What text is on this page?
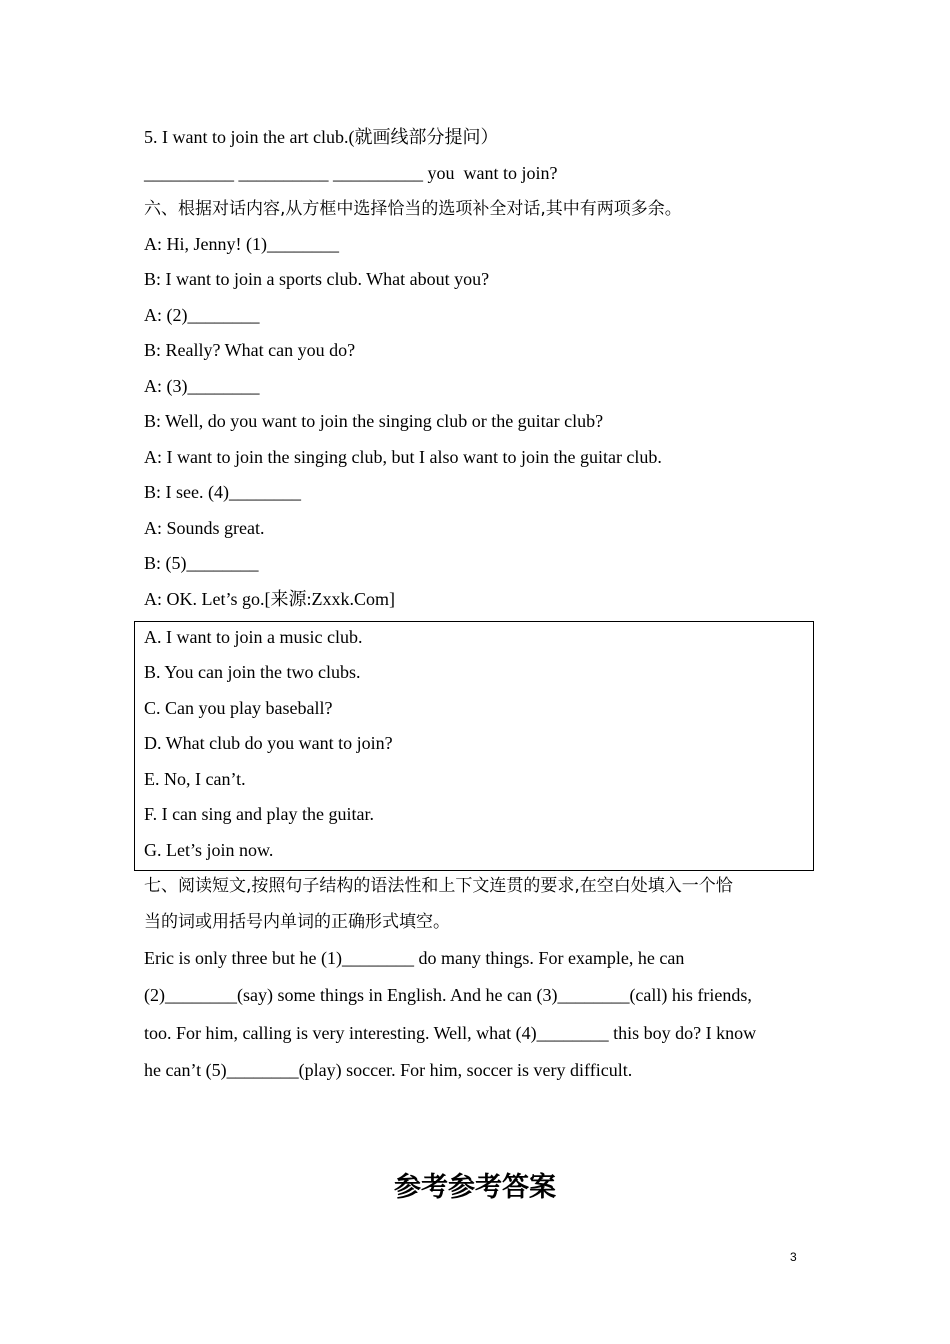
5. I want to join the art club.(就画线部分提问）
__________ __________ __________ you  want to join?
六、根据对话内容,从方框中选择恰当的选项补全对话,其中有两项多余。
A: Hi, Jenny! (1)________
B: I want to join a sports club. What about you?
A: (2)________
B: Really? What can you do?
A: (3)________
B: Well, do you want to join the singing club or the guitar club?
A: I want to join the singing club, but I also want to join the guitar club.
B: I see. (4)________
A: Sounds great.
B: (5)________
A: OK. Let’s go.[来源:Zxxk.Com]
A. I want to join a music club.
B. You can join the two clubs.
C. Can you play baseball?
D. What club do you want to join?
E. No, I can’t.
F. I can sing and play the guitar.
G. Let’s join now.
七、阅读短文,按照句子结构的语法性和上下文连贯的要求,在空白处填入一个恰
当的词或用括号内单词的正确形式填空。
Eric is only three but he (1)________ do many things. For example, he can
(2)________(say) some things in English. And he can (3)________(call) his friends,
too. For him, calling is very interesting. Well, what (4)________ this boy do? I know
he can’t (5)________(play) soccer. For him, soccer is very difficult.
参考参考答案
3
